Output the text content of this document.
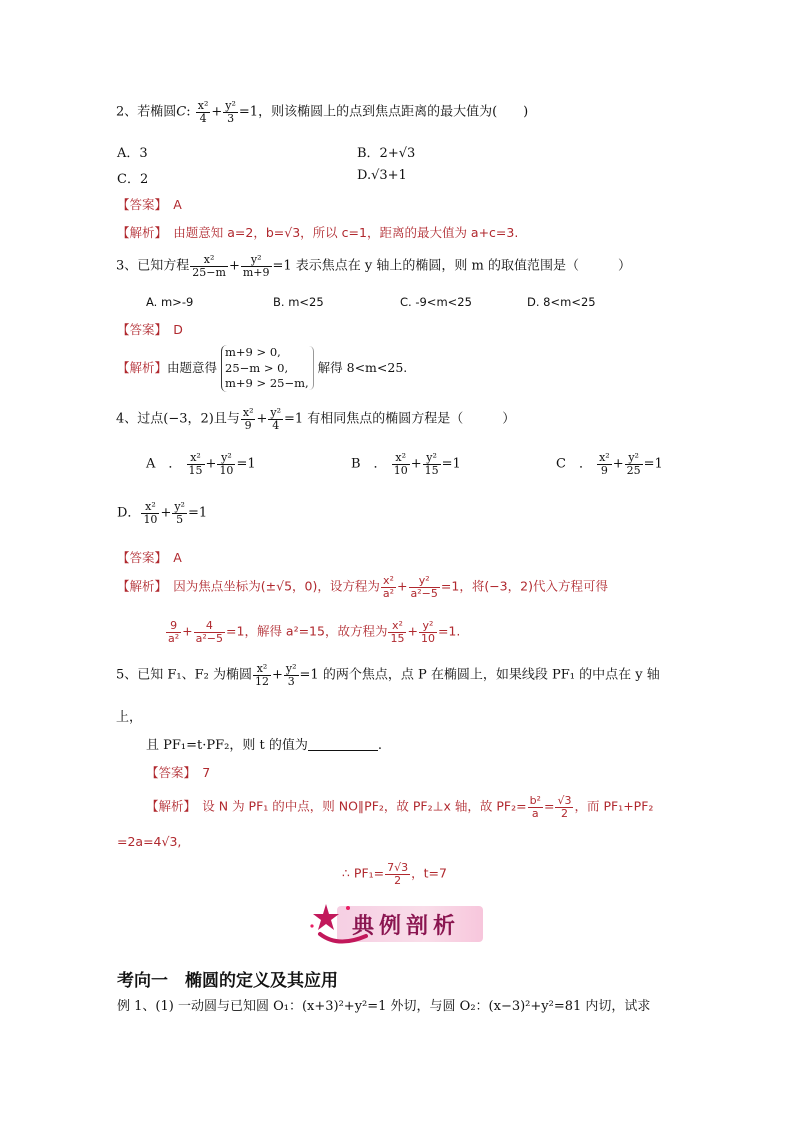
2、若椭圆C: $\frac{\text{x²}}{4} + \frac{\text{y²}}{3} =1$，则该椭圆上的点到焦点距离的最大值为(　　)
A．3	B．2+√3
C．2	D.√3+1
【答案】　 A
【解析】　 由题意知 a=2，b=√3，所以 c=1，距离的最大值为 a+c=3.
3、已知方程 $\frac{\text{x²}}{25-m} + \frac{\text{y²}}{m+9} =1$ 表示焦点在 y 轴上的椭圆，则 m 的取值范围是（　　　）
A. m>-9	B. m<25	C. -9<m<25	D. 8<m<25
【答案】　 D
【解析】由题意得
m+9 > 0,
25−m > 0,
m+9 > 25−m,
解得 8<m<25.
4、过点(−3，2)且与 $\frac{\text{x²}}{9} + \frac{\text{y²}}{4} =1$ 有相同焦点的椭圆方程是（　　　）
A　． $\frac{\text{x²}}{15} + \frac{\text{y²}}{10} =1$	B　． $\frac{\text{x²}}{10} + \frac{\text{y²}}{15} =1$	C　． $\frac{\text{x²}}{9} + \frac{\text{y²}}{25} =1$
D． $\frac{\text{x²}}{10} + \frac{\text{y²}}{5} =1$
【答案】　 A
【解析】　 因为焦点坐标为(±√5，0)，设方程为 $\frac{\text{x²}}{\text{a²}} + \frac{\text{y²}}{\text{a²−5}} =1$，将(−3，2)代入方程可得
$\frac{9}{\text{a²}} + \frac{4}{\text{a²−5}} =1$，解得 a²=15，故方程为 $\frac{\text{x²}}{15} + \frac{\text{y²}}{10} =1$.
5、已知 F₁、F₂ 为椭圆 $\frac{\text{x²}}{12} + \frac{\text{y²}}{3} =1$ 的两个焦点，点 P 在椭圆上，如果线段 PF₁ 的中点在 y 轴
上，
且 PF₁=t·PF₂，则 t 的值为	.
【答案】　 7
【解析】　 设 N 为 PF₁ 的中点，则 NO∥PF₂，故 PF₂⊥x 轴，故 $PF_2= \frac{\text{b²}}{a} = \frac{√3}{2}$ ，而 PF₁+PF₂
=2a=4√3,
∴ $PF_1= \frac{7√3}{2}$ ，t=7
典例剖析
考向一　椭圆的定义及其应用
例 1、(1) 一动圆与已知圆 O₁：(x+3)²+y²=1 外切，与圆 O₂：(x−3)²+y²=81 内切，试求
